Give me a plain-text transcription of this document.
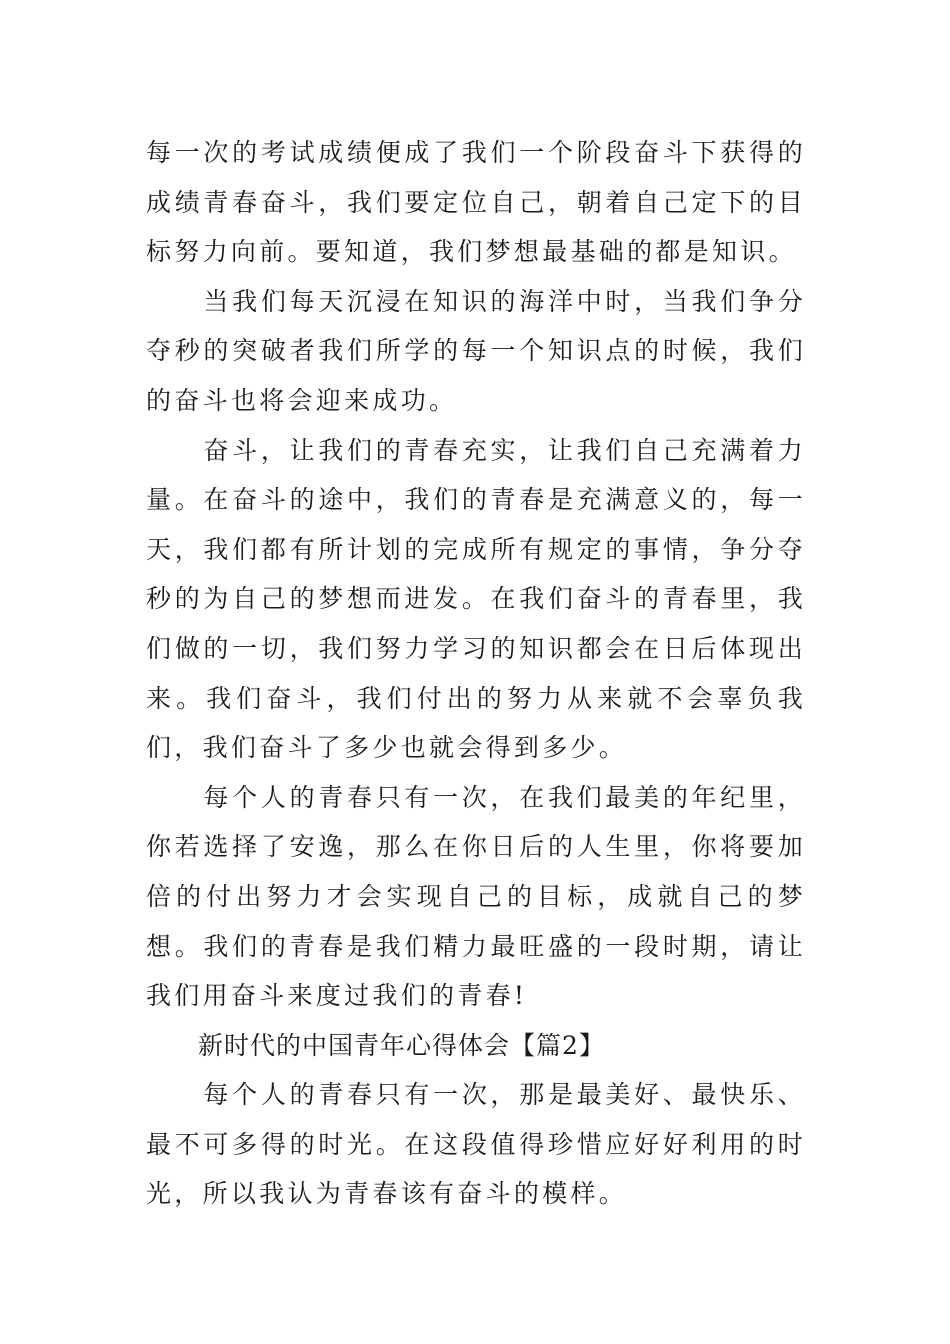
每一次的考试成绩便成了我们一个阶段奋斗下获得的成绩青春奋斗，我们要定位自己，朝着自己定下的目标努力向前。要知道，我们梦想最基础的都是知识。

　　当我们每天沉浸在知识的海洋中时，当我们争分夺秒的突破者我们所学的每一个知识点的时候，我们的奋斗也将会迎来成功。

　　奋斗，让我们的青春充实，让我们自己充满着力量。在奋斗的途中，我们的青春是充满意义的，每一天，我们都有所计划的完成所有规定的事情，争分夺秒的为自己的梦想而进发。在我们奋斗的青春里，我们做的一切，我们努力学习的知识都会在日后体现出来。我们奋斗，我们付出的努力从来就不会辜负我们，我们奋斗了多少也就会得到多少。

　　每个人的青春只有一次，在我们最美的年纪里，你若选择了安逸，那么在你日后的人生里，你将要加倍的付出努力才会实现自己的目标，成就自己的梦想。我们的青春是我们精力最旺盛的一段时期，请让我们用奋斗来度过我们的青春!

　　新时代的中国青年心得体会【篇2】

　　每个人的青春只有一次，那是最美好、最快乐、最不可多得的时光。在这段值得珍惜应好好利用的时光，所以我认为青春该有奋斗的模样。
